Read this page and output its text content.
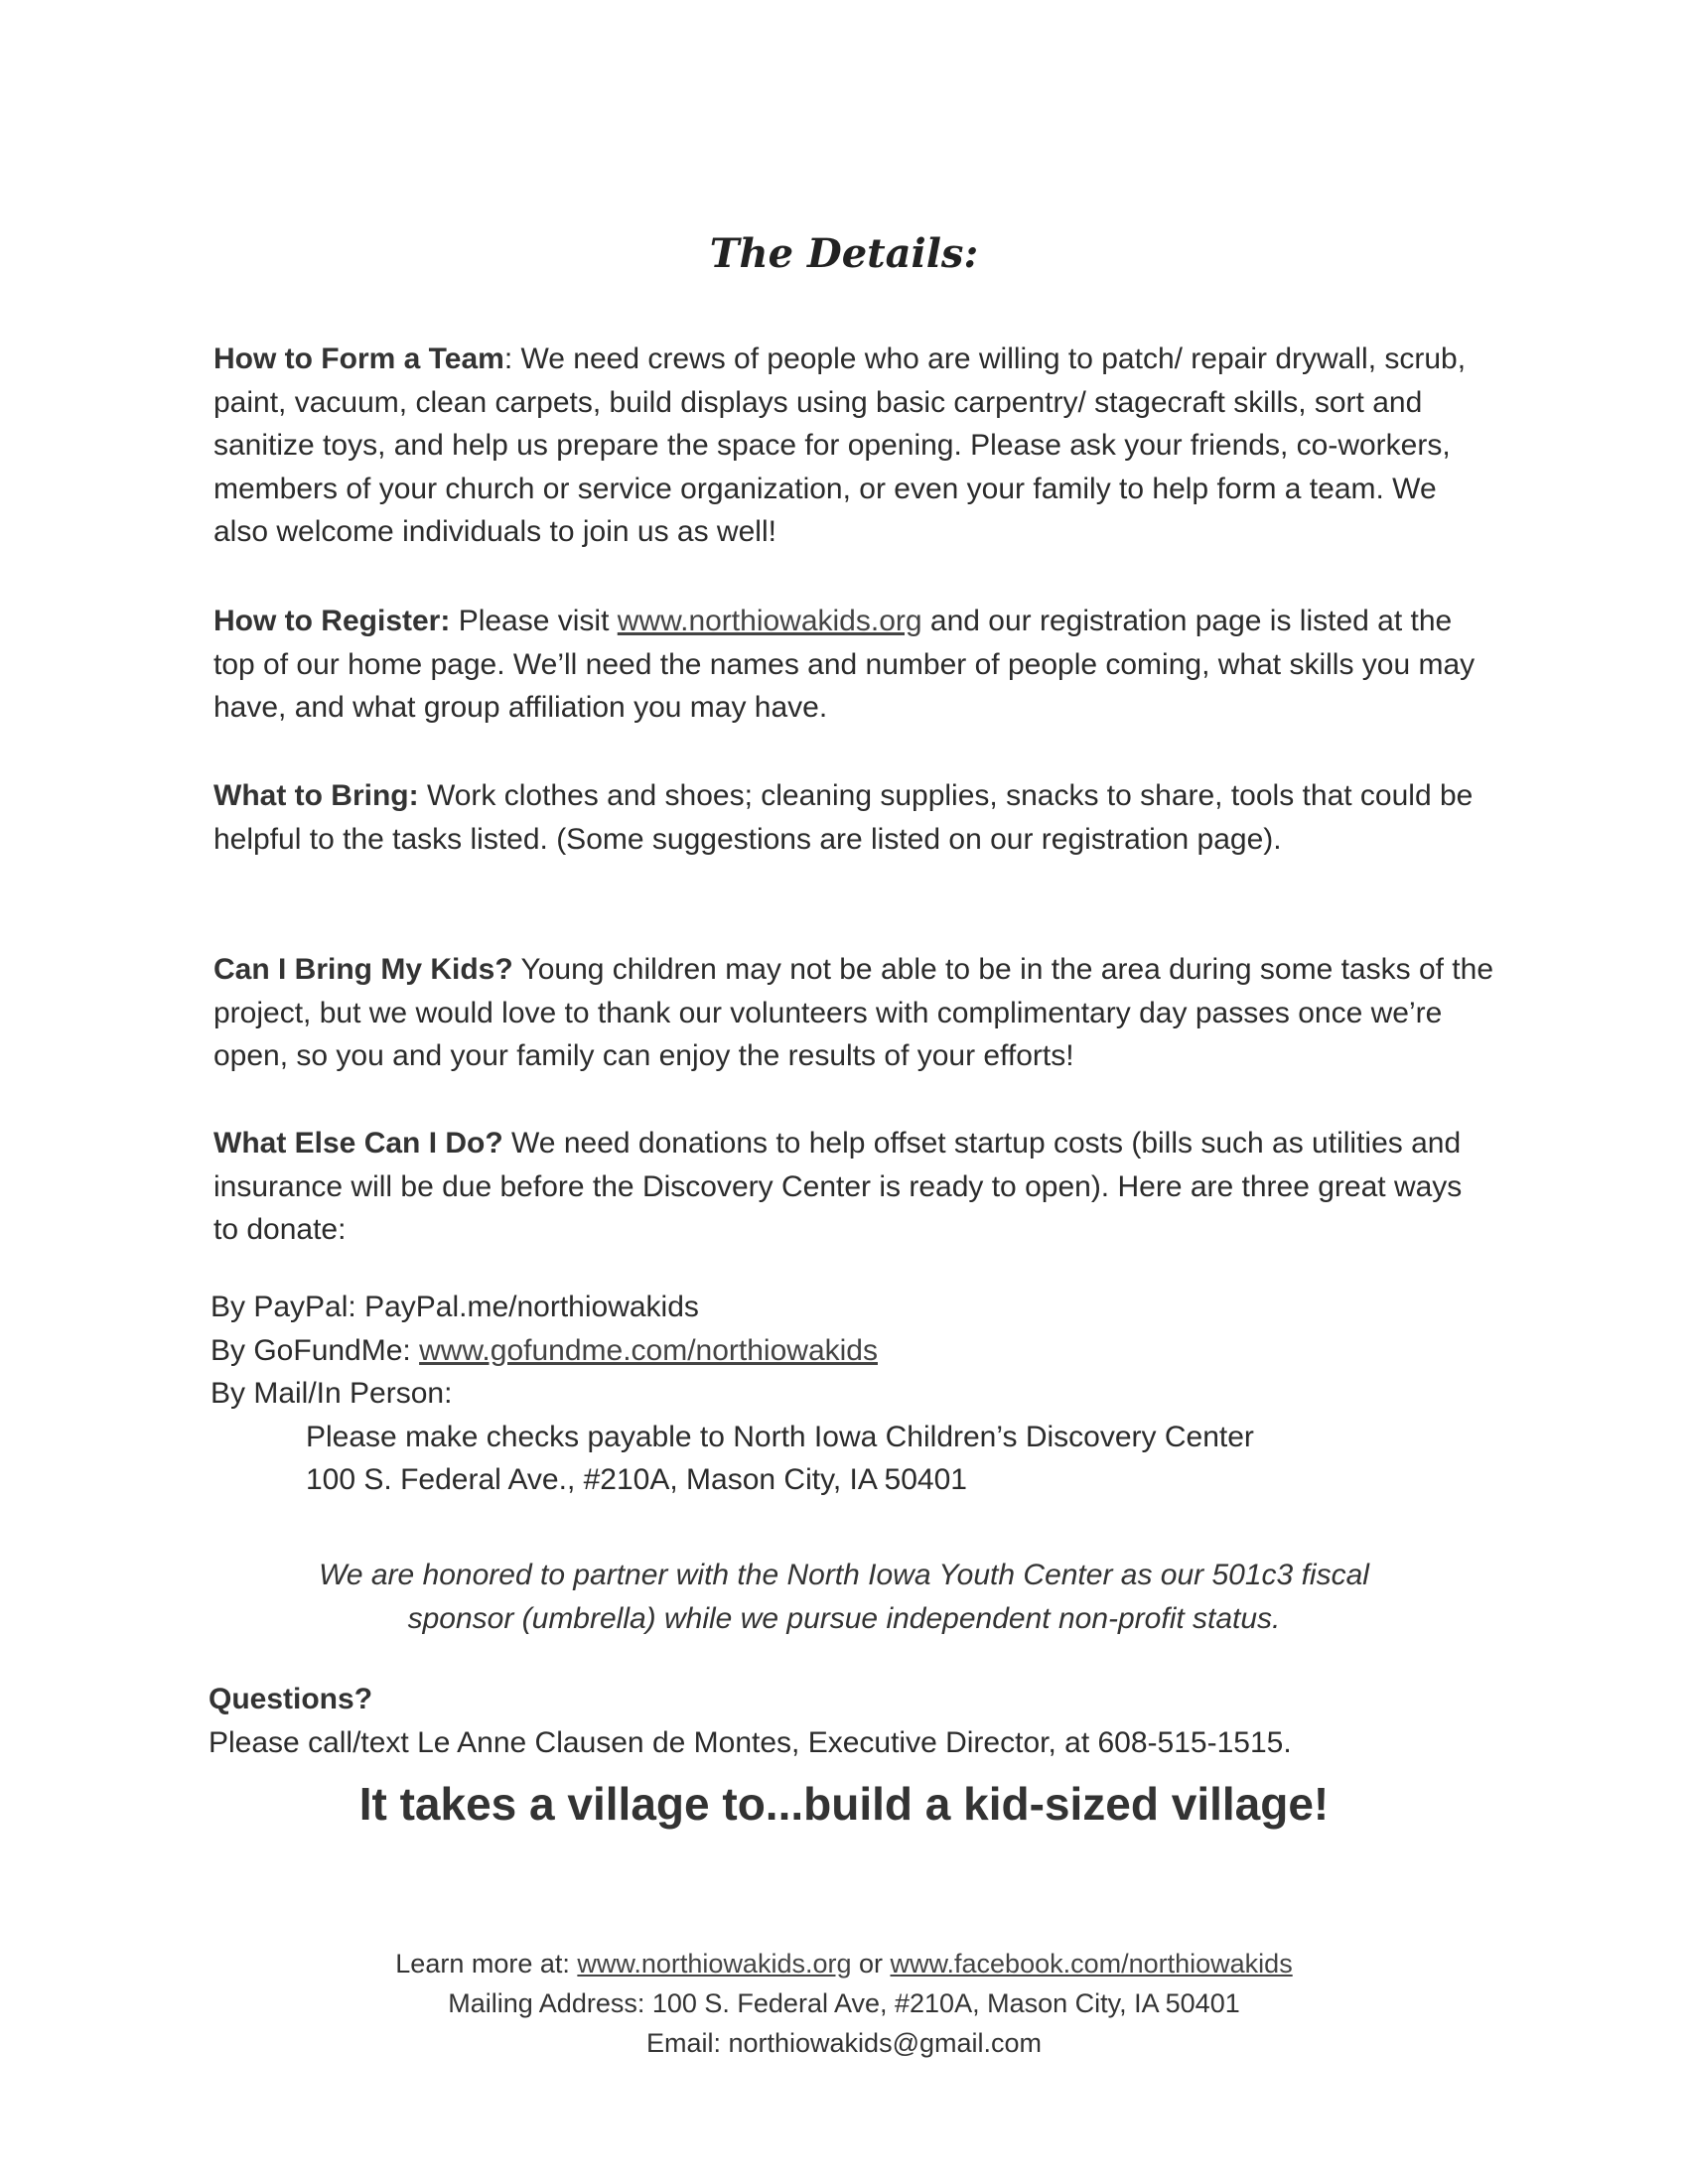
The Details:

How to Form a Team: We need crews of people who are willing to patch/ repair drywall, scrub, paint, vacuum, clean carpets, build displays using basic carpentry/ stagecraft skills, sort and sanitize toys, and help us prepare the space for opening. Please ask your friends, co-workers, members of your church or service organization, or even your family to help form a team. We also welcome individuals to join us as well!

How to Register: Please visit www.northiowakids.org and our registration page is listed at the top of our home page. We’ll need the names and number of people coming, what skills you may have, and what group affiliation you may have.

What to Bring: Work clothes and shoes; cleaning supplies, snacks to share, tools that could be helpful to the tasks listed. (Some suggestions are listed on our registration page).

Can I Bring My Kids? Young children may not be able to be in the area during some tasks of the project, but we would love to thank our volunteers with complimentary day passes once we’re open, so you and your family can enjoy the results of your efforts!

What Else Can I Do? We need donations to help offset startup costs (bills such as utilities and insurance will be due before the Discovery Center is ready to open). Here are three great ways to donate:

By PayPal: PayPal.me/northiowakids
By GoFundMe: www.gofundme.com/northiowakids
By Mail/In Person:
Please make checks payable to North Iowa Children’s Discovery Center
100 S. Federal Ave., #210A, Mason City, IA 50401
We are honored to partner with the North Iowa Youth Center as our 501c3 fiscal
sponsor (umbrella) while we pursue independent non-profit status.
Questions?
Please call/text Le Anne Clausen de Montes, Executive Director, at 608-515-1515.
It takes a village to...build a kid-sized village!
Learn more at: www.northiowakids.org or www.facebook.com/northiowakids
Mailing Address: 100 S. Federal Ave, #210A, Mason City, IA 50401
Email: northiowakids@gmail.com
